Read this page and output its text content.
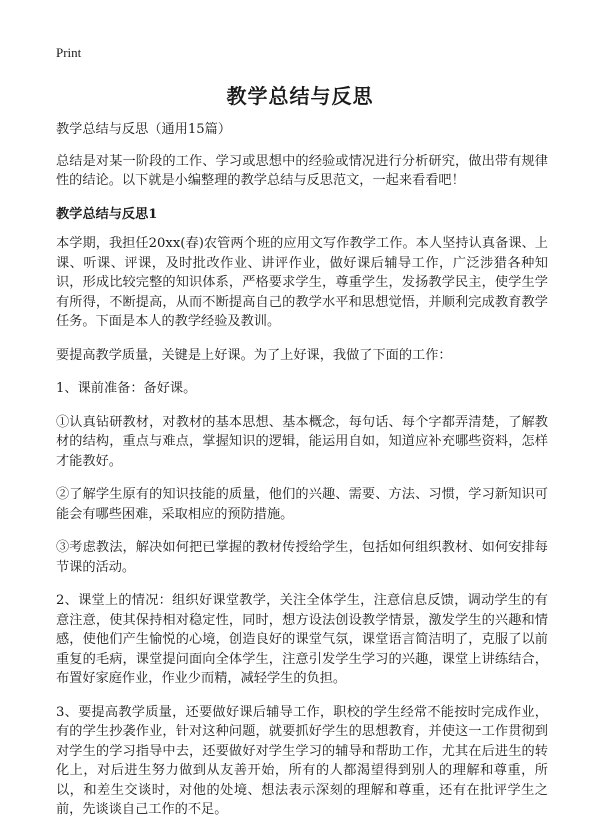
Print
教学总结与反思

教学总结与反思（通用15篇）

总结是对某一阶段的工作、学习或思想中的经验或情况进行分析研究，做出带有规律性的结论。以下就是小编整理的教学总结与反思范文，一起来看看吧！

教学总结与反思1

本学期，我担任20xx(春)农管两个班的应用文写作教学工作。本人坚持认真备课、上课、听课、评课，及时批改作业、讲评作业，做好课后辅导工作，广泛涉猎各种知识，形成比较完整的知识体系，严格要求学生，尊重学生，发扬教学民主，使学生学有所得，不断提高，从而不断提高自己的教学水平和思想觉悟，并顺利完成教育教学任务。下面是本人的教学经验及教训。

要提高教学质量，关键是上好课。为了上好课，我做了下面的工作：

1、课前准备：备好课。

①认真钻研教材，对教材的基本思想、基本概念，每句话、每个字都弄清楚，了解教材的结构，重点与难点，掌握知识的逻辑，能运用自如，知道应补充哪些资料，怎样才能教好。

②了解学生原有的知识技能的质量，他们的兴趣、需要、方法、习惯，学习新知识可能会有哪些困难，采取相应的预防措施。

③考虑教法，解决如何把已掌握的教材传授给学生，包括如何组织教材、如何安排每节课的活动。

2、课堂上的情况：组织好课堂教学，关注全体学生，注意信息反馈，调动学生的有意注意，使其保持相对稳定性，同时，想方设法创设教学情景，激发学生的兴趣和情感，使他们产生愉悦的心境，创造良好的课堂气氛，课堂语言简洁明了，克服了以前重复的毛病，课堂提问面向全体学生，注意引发学生学习的兴趣，课堂上讲练结合，布置好家庭作业，作业少而精，减轻学生的负担。

3、要提高教学质量，还要做好课后辅导工作，职校的学生经常不能按时完成作业，有的学生抄袭作业，针对这种问题，就要抓好学生的思想教育，并使这一工作贯彻到对学生的学习指导中去，还要做好对学生学习的辅导和帮助工作，尤其在后进生的转化上，对后进生努力做到从友善开始，所有的人都渴望得到别人的理解和尊重，所以，和差生交谈时，对他的处境、想法表示深刻的理解和尊重，还有在批评学生之前，先谈谈自己工作的不足。
